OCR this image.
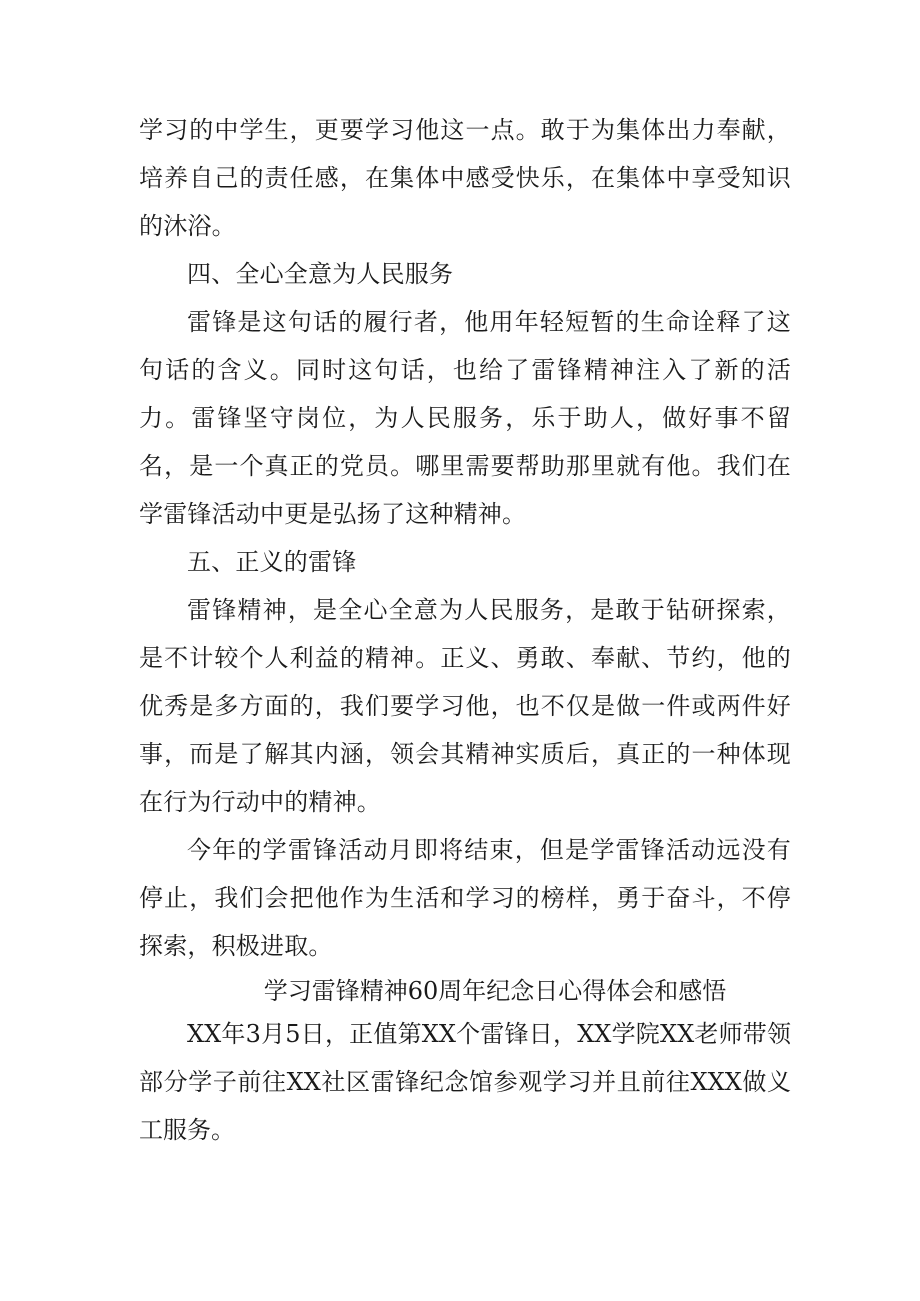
学习的中学生，更要学习他这一点。敢于为集体出力奉献，培养自己的责任感，在集体中感受快乐，在集体中享受知识的沐浴。

四、全心全意为人民服务

雷锋是这句话的履行者，他用年轻短暂的生命诠释了这句话的含义。同时这句话，也给了雷锋精神注入了新的活力。雷锋坚守岗位，为人民服务，乐于助人，做好事不留名，是一个真正的党员。哪里需要帮助那里就有他。我们在学雷锋活动中更是弘扬了这种精神。

五、正义的雷锋

雷锋精神，是全心全意为人民服务，是敢于钻研探索，是不计较个人利益的精神。正义、勇敢、奉献、节约，他的优秀是多方面的，我们要学习他，也不仅是做一件或两件好事，而是了解其内涵，领会其精神实质后，真正的一种体现在行为行动中的精神。

今年的学雷锋活动月即将结束，但是学雷锋活动远没有停止，我们会把他作为生活和学习的榜样，勇于奋斗，不停探索，积极进取。

学习雷锋精神60周年纪念日心得体会和感悟

XX年3月5日，正值第XX个雷锋日，XX学院XX老师带领部分学子前往XX社区雷锋纪念馆参观学习并且前往XXX做义工服务。
